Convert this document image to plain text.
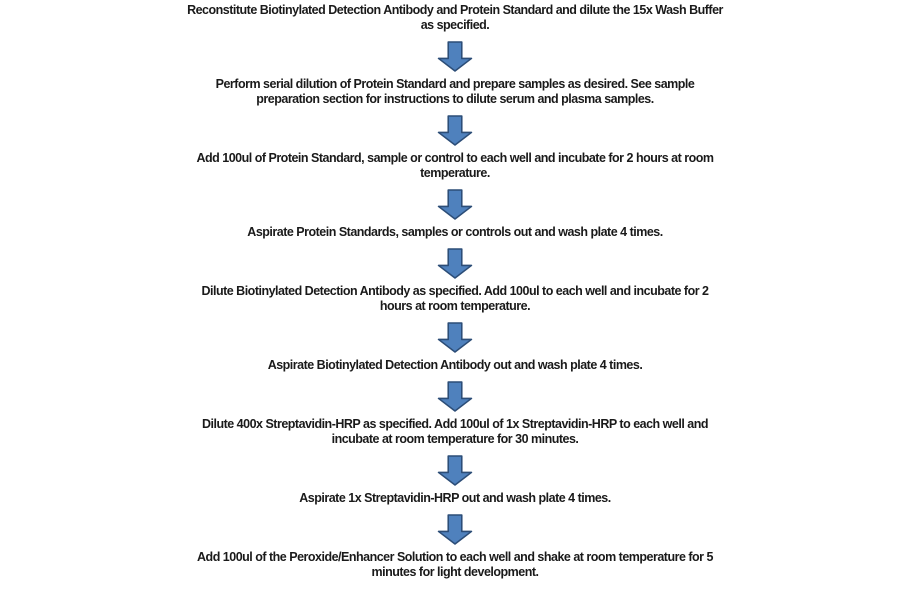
Reconstitute Biotinylated Detection Antibody and Protein Standard and dilute the 15x Wash Buffer
as specified.
Perform serial dilution of Protein Standard and prepare samples as desired. See sample
preparation section for instructions to dilute serum and plasma samples.
Add 100ul of Protein Standard, sample or control to each well and incubate for 2 hours at room
temperature.
Aspirate Protein Standards, samples or controls out and wash plate 4 times.
Dilute Biotinylated Detection Antibody as specified. Add 100ul to each well and incubate for 2
hours at room temperature.
Aspirate Biotinylated Detection Antibody out and wash plate 4 times.
Dilute 400x Streptavidin-HRP as specified. Add 100ul of 1x Streptavidin-HRP to each well and
incubate at room temperature for 30 minutes.
Aspirate 1x Streptavidin-HRP out and wash plate 4 times.
Add 100ul of the Peroxide/Enhancer Solution to each well and shake at room temperature for 5
minutes for light development.
